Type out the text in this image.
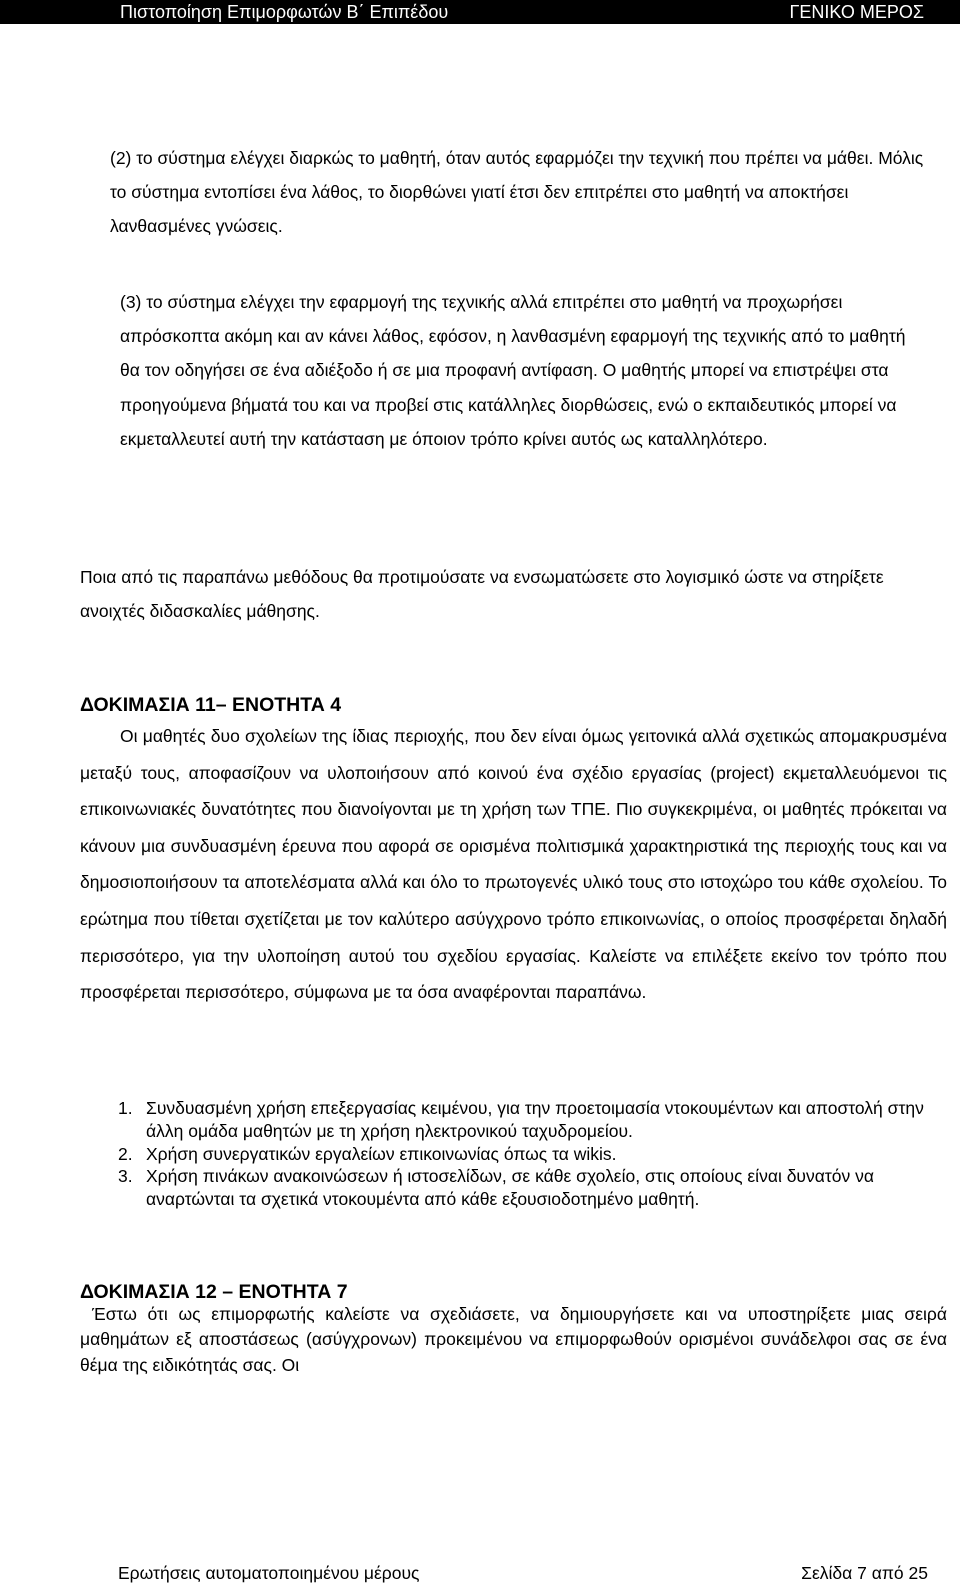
Πιστοποίηση Επιμορφωτών Β΄ Επιπέδου	ΓΕΝΙΚΟ ΜΕΡΟΣ

(2) το σύστημα ελέγχει διαρκώς το μαθητή, όταν αυτός εφαρμόζει την τεχνική που πρέπει να μάθει. Μόλις το σύστημα εντοπίσει ένα λάθος, το διορθώνει γιατί έτσι δεν επιτρέπει στο μαθητή να αποκτήσει λανθασμένες γνώσεις.

(3) το σύστημα ελέγχει την εφαρμογή της τεχνικής αλλά επιτρέπει στο μαθητή να προχωρήσει απρόσκοπτα ακόμη και αν κάνει λάθος, εφόσον, η λανθασμένη εφαρμογή της τεχνικής από το μαθητή θα τον οδηγήσει σε ένα αδιέξοδο ή σε μια προφανή αντίφαση. Ο μαθητής μπορεί να επιστρέψει στα προηγούμενα βήματά του και να προβεί στις κατάλληλες διορθώσεις, ενώ ο εκπαιδευτικός μπορεί να εκμεταλλευτεί αυτή την κατάσταση με όποιον τρόπο κρίνει αυτός ως καταλληλότερο.

Ποια από τις παραπάνω μεθόδους θα προτιμούσατε να ενσωματώσετε στο λογισμικό ώστε να στηρίξετε ανοιχτές διδασκαλίες μάθησης.

ΔΟΚΙΜΑΣΙΑ 11– ΕΝΟΤΗΤΑ 4

Οι μαθητές δυο σχολείων της ίδιας περιοχής, που δεν είναι όμως γειτονικά αλλά σχετικώς απομακρυσμένα μεταξύ τους, αποφασίζουν να υλοποιήσουν από κοινού ένα σχέδιο εργασίας (project) εκμεταλλευόμενοι τις επικοινωνιακές δυνατότητες που διανοίγονται με τη χρήση των ΤΠΕ. Πιο συγκεκριμένα, οι μαθητές πρόκειται να κάνουν μια συνδυασμένη έρευνα που αφορά σε ορισμένα πολιτισμικά χαρακτηριστικά της περιοχής τους και να δημοσιοποιήσουν τα αποτελέσματα αλλά και όλο το πρωτογενές υλικό τους στο ιστοχώρο του κάθε σχολείου. Το ερώτημα που τίθεται σχετίζεται με τον καλύτερο ασύγχρονο τρόπο επικοινωνίας, ο οποίος προσφέρεται δηλαδή περισσότερο, για την υλοποίηση αυτού του σχεδίου εργασίας. Καλείστε να επιλέξετε εκείνο τον τρόπο που προσφέρεται περισσότερο, σύμφωνα με τα όσα αναφέρονται παραπάνω.

1. Συνδυασμένη χρήση επεξεργασίας κειμένου, για την προετοιμασία ντοκουμέντων και αποστολή στην άλλη ομάδα μαθητών με τη χρήση ηλεκτρονικού ταχυδρομείου.
2. Χρήση συνεργατικών εργαλείων επικοινωνίας όπως τα wikis.
3. Χρήση πινάκων ανακοινώσεων ή ιστοσελίδων, σε κάθε σχολείο, στις οποίους είναι δυνατόν να αναρτώνται τα σχετικά ντοκουμέντα από κάθε εξουσιοδοτημένο μαθητή.
ΔΟΚΙΜΑΣΙΑ 12 – ΕΝΟΤΗΤΑ 7

Έστω ότι ως επιμορφωτής καλείστε να σχεδιάσετε, να δημιουργήσετε και να υποστηρίξετε μιας σειρά μαθημάτων εξ αποστάσεως (ασύγχρονων) προκειμένου να επιμορφωθούν ορισμένοι συνάδελφοι σας σε ένα θέμα της ειδικότητάς σας. Οι

Ερωτήσεις αυτοματοποιημένου μέρους	Σελίδα 7 από 25
